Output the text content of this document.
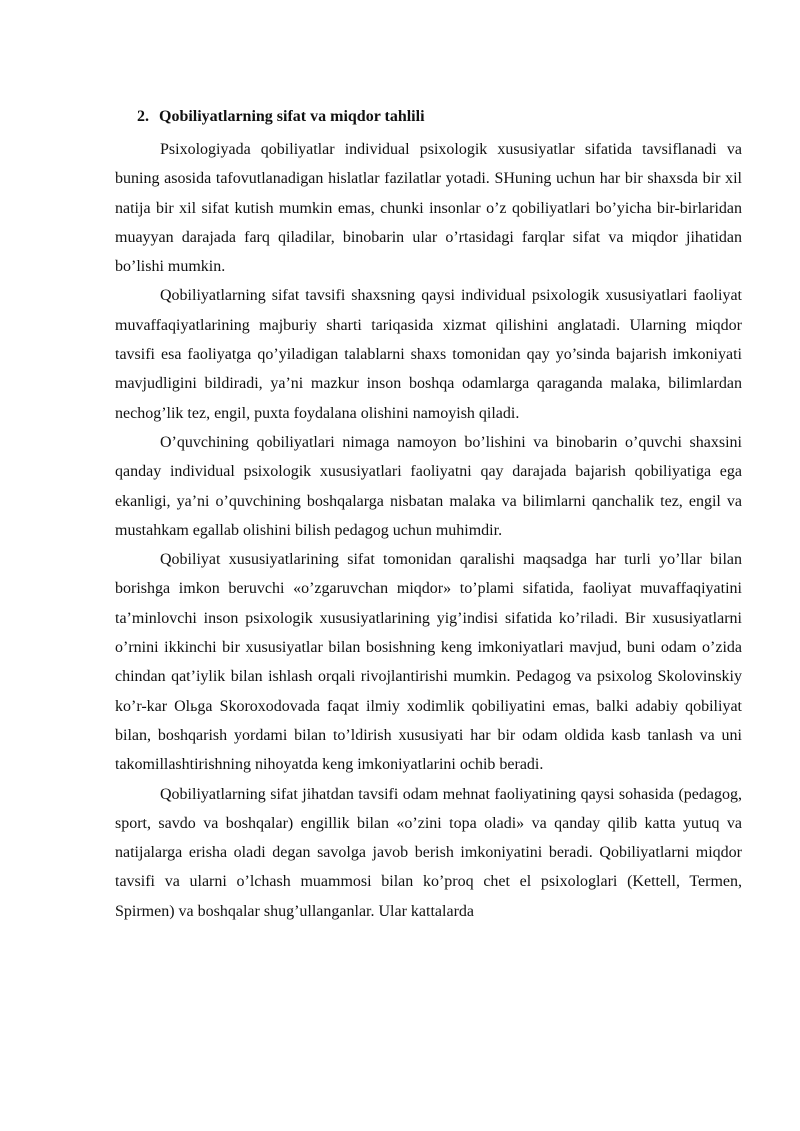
2. Qobiliyatlarning sifat va miqdor tahlili

Psixologiyada qobiliyatlar individual psixologik xususiyatlar sifatida tavsiflanadi va buning asosida tafovutlanadigan hislatlar fazilatlar yotadi. SHuning uchun har bir shaxsda bir xil natija bir xil sifat kutish mumkin emas, chunki insonlar o’z qobiliyatlari bo’yicha bir-birlaridan muayyan darajada farq qiladilar, binobarin ular o’rtasidagi farqlar sifat va miqdor jihatidan bo’lishi mumkin.

Qobiliyatlarning sifat tavsifi shaxsning qaysi individual psixologik xususiyatlari faoliyat muvaffaqiyatlarining majburiy sharti tariqasida xizmat qilishini anglatadi. Ularning miqdor tavsifi esa faoliyatga qo’yiladigan talablarni shaxs tomonidan qay yo’sinda bajarish imkoniyati mavjudligini bildiradi, ya’ni mazkur inson boshqa odamlarga qaraganda malaka, bilimlardan nechog’lik tez, engil, puxta foydalana olishini namoyish qiladi.

O’quvchining qobiliyatlari nimaga namoyon bo’lishini va binobarin o’quvchi shaxsini qanday individual psixologik xususiyatlari faoliyatni qay darajada bajarish qobiliyatiga ega ekanligi, ya’ni o’quvchining boshqalarga nisbatan malaka va bilimlarni qanchalik tez, engil va mustahkam egallab olishini bilish pedagog uchun muhimdir.

Qobiliyat xususiyatlarining sifat tomonidan qaralishi maqsadga har turli yo’llar bilan borishga imkon beruvchi «o’zgaruvchan miqdor» to’plami sifatida, faoliyat muvaffaqiyatini ta’minlovchi inson psixologik xususiyatlarining yig’indisi sifatida ko’riladi. Bir xususiyatlarni o’rnini ikkinchi bir xususiyatlar bilan bosishning keng imkoniyatlari mavjud, buni odam o’zida chindan qat’iylik bilan ishlash orqali rivojlantirishi mumkin. Pedagog va psixolog Skolovinskiy ko’r-kar Olьga Skoroxodovada faqat ilmiy xodimlik qobiliyatini emas, balki adabiy qobiliyat bilan, boshqarish yordami bilan to’ldirish xususiyati har bir odam oldida kasb tanlash va uni takomillashtirishning nihoyatda keng imkoniyatlarini ochib beradi.

Qobiliyatlarning sifat jihatdan tavsifi odam mehnat faoliyatining qaysi sohasida (pedagog, sport, savdo va boshqalar) engillik bilan «o’zini topa oladi» va qanday qilib katta yutuq va natijalarga erisha oladi degan savolga javob berish imkoniyatini beradi. Qobiliyatlarni miqdor tavsifi va ularni o’lchash muammosi bilan ko’proq chet el psixologlari (Kettell, Termen, Spirmen) va boshqalar shug’ullanganlar. Ular kattalarda
